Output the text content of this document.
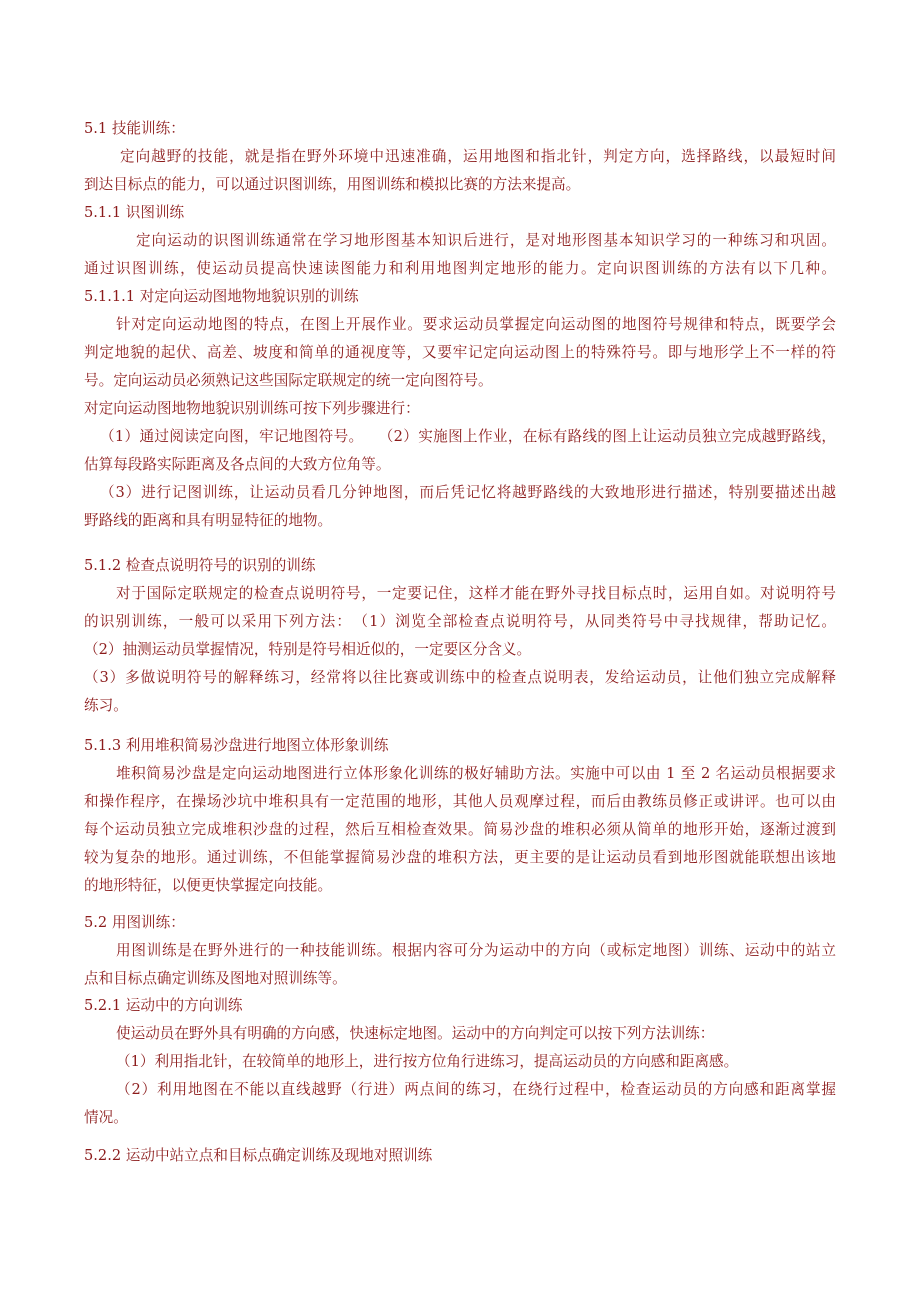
5.1 技能训练：
定向越野的技能，就是指在野外环境中迅速准确，运用地图和指北针，判定方向，选择路线，以最短时间
到达目标点的能力，可以通过识图训练，用图训练和模拟比赛的方法来提高。
5.1.1 识图训练
定向运动的识图训练通常在学习地形图基本知识后进行，是对地形图基本知识学习的一种练习和巩固。
通过识图训练，使运动员提高快速读图能力和利用地图判定地形的能力。定向识图训练的方法有以下几种。
5.1.1.1 对定向运动图地物地貌识别的训练
针对定向运动地图的特点，在图上开展作业。要求运动员掌握定向运动图的地图符号规律和特点，既要学会
判定地貌的起伏、高差、坡度和简单的通视度等，又要牢记定向运动图上的特殊符号。即与地形学上不一样的符
号。定向运动员必须熟记这些国际定联规定的统一定向图符号。
对定向运动图地物地貌识别训练可按下列步骤进行：
（1）通过阅读定向图，牢记地图符号。　　（2）实施图上作业，在标有路线的图上让运动员独立完成越野路线，
估算每段路实际距离及各点间的大致方位角等。
（3）进行记图训练，让运动员看几分钟地图，而后凭记忆将越野路线的大致地形进行描述，特别要描述出越
野路线的距离和具有明显特征的地物。
5.1.2 检查点说明符号的识别的训练
对于国际定联规定的检查点说明符号，一定要记住，这样才能在野外寻找目标点时，运用自如。对说明符号
的识别训练，一般可以采用下列方法：　（1）浏览全部检查点说明符号，从同类符号中寻找规律，帮助记忆。
（2）抽测运动员掌握情况，特别是符号相近似的，一定要区分含义。
（3）多做说明符号的解释练习，经常将以往比赛或训练中的检查点说明表，发给运动员，让他们独立完成解释
练习。
5.1.3 利用堆积简易沙盘进行地图立体形象训练
堆积简易沙盘是定向运动地图进行立体形象化训练的极好辅助方法。实施中可以由 1 至 2 名运动员根据要求
和操作程序，在操场沙坑中堆积具有一定范围的地形，其他人员观摩过程，而后由教练员修正或讲评。也可以由
每个运动员独立完成堆积沙盘的过程，然后互相检查效果。简易沙盘的堆积必须从简单的地形开始，逐渐过渡到
较为复杂的地形。通过训练，不但能掌握简易沙盘的堆积方法，更主要的是让运动员看到地形图就能联想出该地
的地形特征，以便更快掌握定向技能。
5.2 用图训练：
用图训练是在野外进行的一种技能训练。根据内容可分为运动中的方向（或标定地图）训练、运动中的站立
点和目标点确定训练及图地对照训练等。
5.2.1 运动中的方向训练
使运动员在野外具有明确的方向感，快速标定地图。运动中的方向判定可以按下列方法训练：
（1）利用指北针，在较简单的地形上，进行按方位角行进练习，提高运动员的方向感和距离感。
（2）利用地图在不能以直线越野（行进）两点间的练习，在绕行过程中，检查运动员的方向感和距离掌握
情况。
5.2.2 运动中站立点和目标点确定训练及现地对照训练
